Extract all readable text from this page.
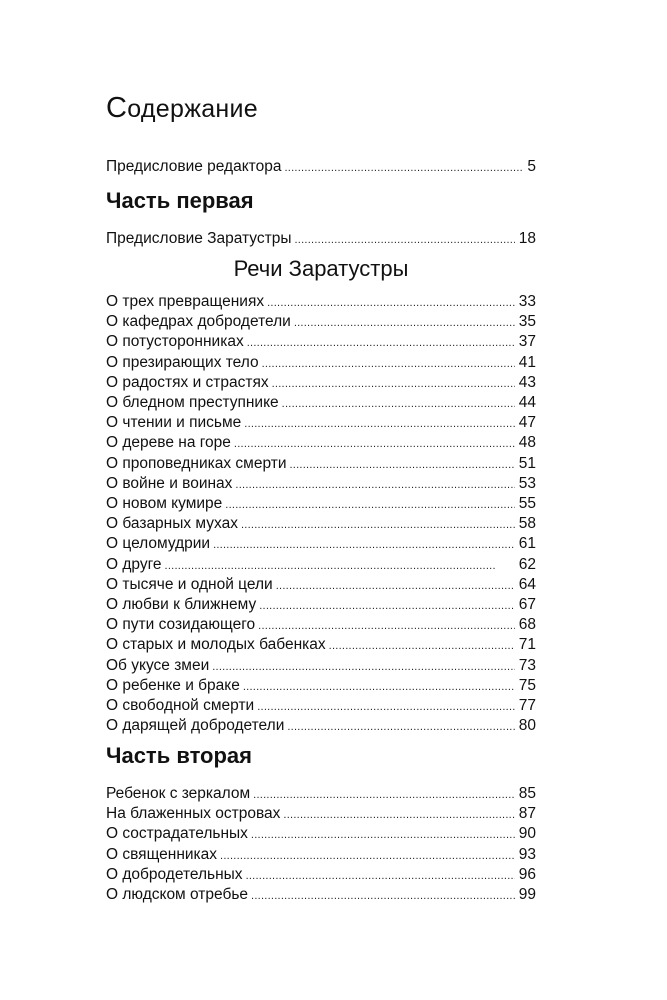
Содержание
Предисловие редактора . . .	5
Часть первая
Предисловие Заратустры . . .	18
Речи Заратустры
О трех превращениях . . .	33
О кафедрах добродетели . . .	35
О потусторонниках . . .	37
О презирающих тело . . .	41
О радостях и страстях . . .	43
О бледном преступнике . . .	44
О чтении и письме . . .	47
О дереве на горе . . .	48
О проповедниках смерти . . .	51
О войне и воинах . . .	53
О новом кумире . . .	55
О базарных мухах . . .	58
О целомудрии . . .	61
О друге . . .	62
О тысяче и одной цели . . .	64
О любви к ближнему . . .	67
О пути созидающего . . .	68
О старых и молодых бабенках . . .	71
Об укусе змеи . . .	73
О ребенке и браке . . .	75
О свободной смерти . . .	77
О дарящей добродетели . . .	80
Часть вторая
Ребенок с зеркалом . . .	85
На блаженных островах . . .	87
О сострадательных . . .	90
О священниках . . .	93
О добродетельных . . .	96
О людском отребье . . .	99
